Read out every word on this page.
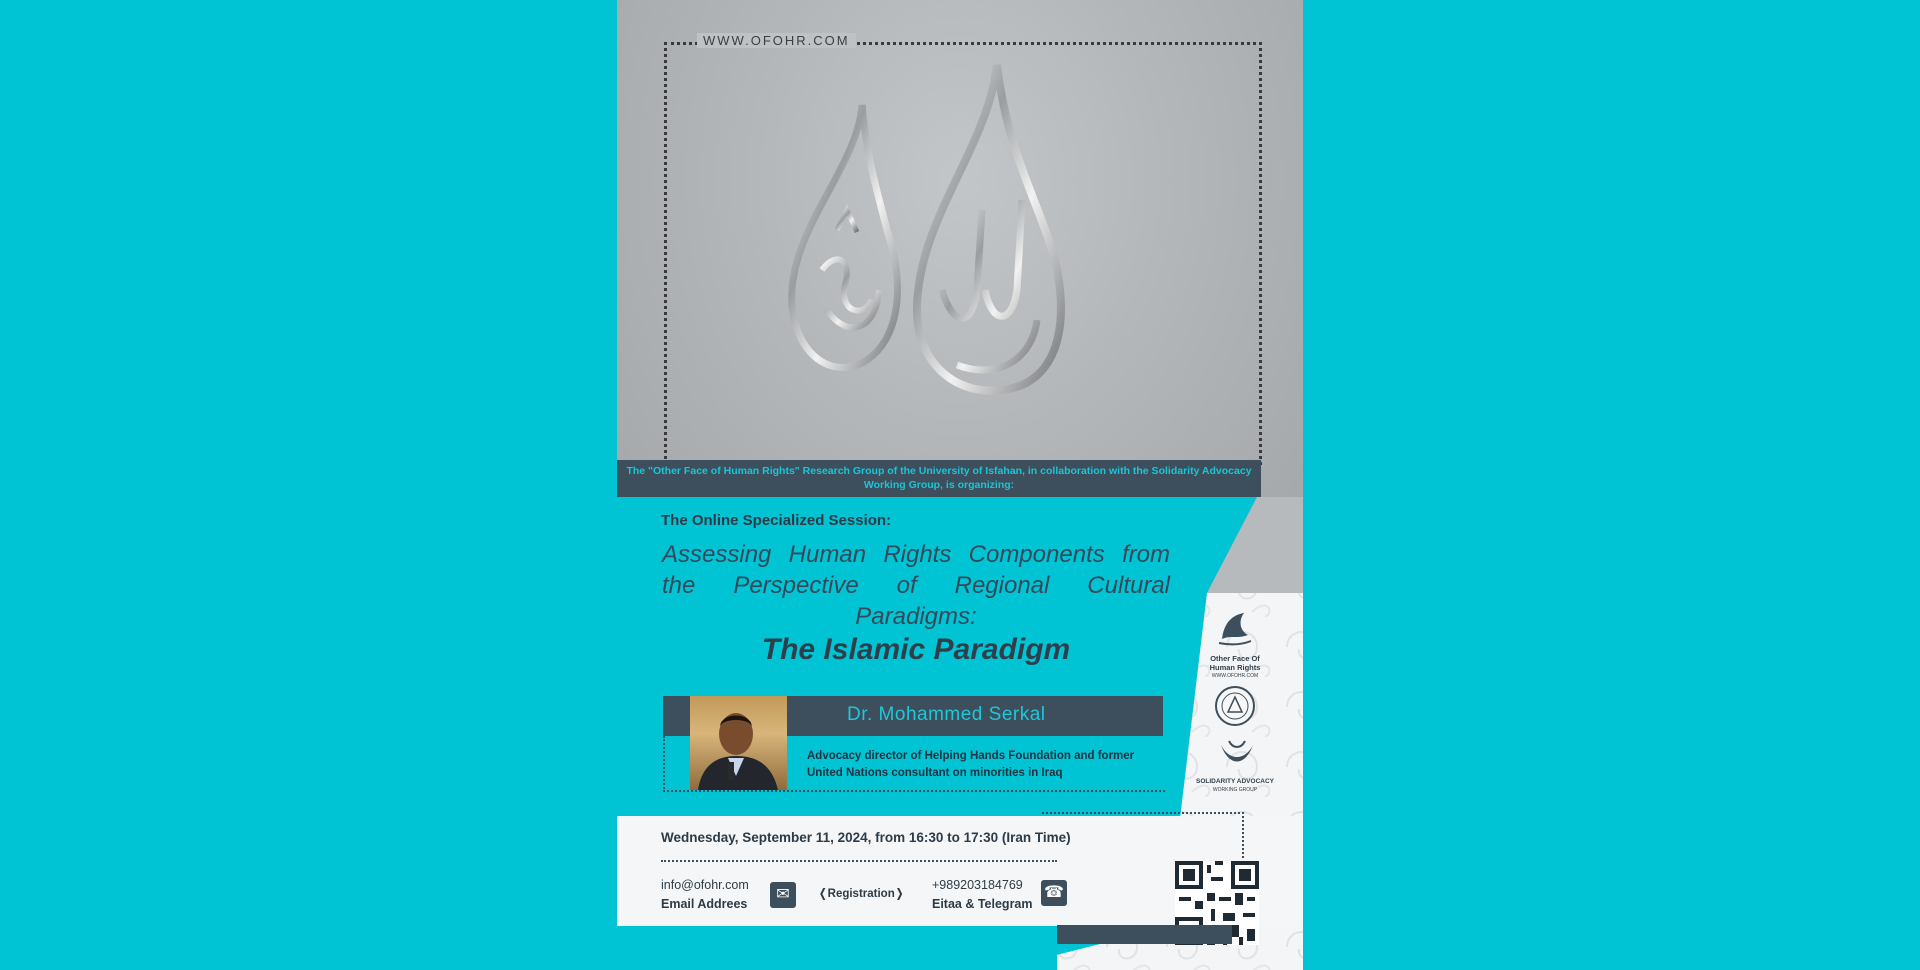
WWW.OFOHR.COM
The "Other Face of Human Rights" Research Group of the University of Isfahan, in collaboration with the Solidarity Advocacy Working Group, is organizing:
Other Face Of
Human Rights
WWW.OFOHR.COM
SOLIDARITY ADVOCACY
WORKING GROUP
The Online Specialized Session:
Assessing Human Rights Components from the Perspective of Regional Cultural Paradigms:
The Islamic Paradigm
Dr. Mohammed Serkal
Advocacy director of Helping Hands Foundation and former United Nations consultant on minorities in Iraq
Wednesday, September 11, 2024, from 16:30 to 17:30 (Iran Time)
info@ofohr.com
Email Addrees
✉	❬Registration❭
+989203184769
Eitaa & Telegram
☎
